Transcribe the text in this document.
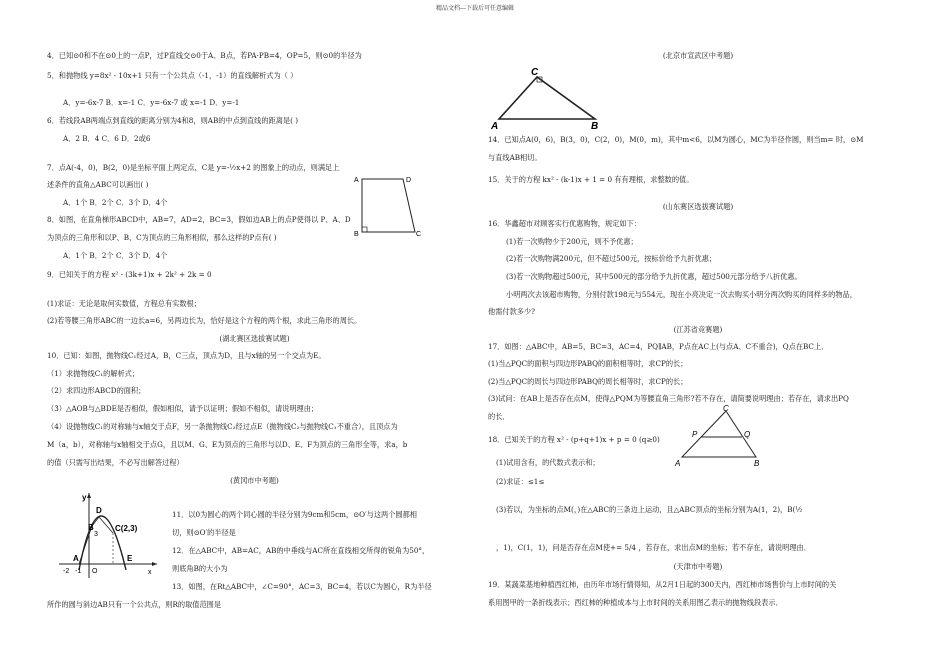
精品文档---下载后可任意编辑
4．已知⊙0和不在⊙0上的一点P，过P直线交⊙0于A、B点，若PA·PB=4，OP=5，则⊙0的半径为
5．和抛物线 y=8x² - 10x+1 只有一个公共点（-1，-1）的直线解析式为（ ）
A．y=-6x-7 B．x=-1 C．y=-6x-7 或 x=-1 D．y=-1
6．若线段AB两端点到直线的距离分别为4和8，则AB的中点到直线的距离是( )
A．2 B．4 C．6 D．2或6
7．点A(-4，0)，B(2，0)是坐标平面上两定点，C是 y=-½x+2 的图象上的动点，则满足上
述条件的直角△ABC可以画出( )
A．1个 B．2个 C．3个 D．4个
8．如图，在直角梯形ABCD中，AB=7，AD=2，BC=3，假如边AB上的点P使得以 P、A、D
为顶点的三角形和以P、B、C为顶点的三角形相似，那么这样的P点有( )
A．1个 B．2个 C．3个 D．4个
9．已知关于的方程 x² - (3k+1)x + 2k² + 2k = 0
(1)求证：无论是取何实数值，方程总有实数根；
(2)若等腰三角形ABC的一边长a=6，另两边长为，恰好是这个方程的两个根，求此三角形的周长。
(湖北赛区选拔赛试题)
10．已知：如图，抛物线C₁经过A，B，C三点，顶点为D，且与x轴的另一个交点为E。
（1）求抛物线C₁的解析式；
（2）求四边形ABCD的面积；
（3）△AOB与△BDE是否相似，假如相似，请予以证明；假如不相似，请说明理由；
（4）设抛物线C₁的对称轴与x轴交于点F，另一条抛物线C₂经过点E（抛物线C₂与抛物线C₁不重合），且顶点为
M（a，b），对称轴与x轴相交于点G，且以M、G、E为顶点的三角形与以D、E、F为顶点的三角形全等，求a，b
的值（只需写出结果，不必写出解答过程）
(黄冈市中考题)
11．以0为圆心的两个同心圆的半径分别为9cm和5cm，⊙O′与这两个圆都相
切，则⊙O′的半径是
12．在△ABC中，AB=AC，AB的中垂线与AC所在直线相交所得的锐角为50°，
则底角B的大小为
13．如图，在Rt△ABC中，∠C=90°，AC=3，BC=4，若以C为圆心，R为半径
所作的圆与斜边AB只有一个公共点，则R的取值范围是
A	D
B	C
y
D
C(2,3)
B
3
A	E
-2 -1 O	x
(北京市宣武区中考题)
14．已知点A(0，6)，B(3，0)，C(2，0)，M(0，m)，其中m<6，以M为圆心，MC为半径作圆，则当m= 时，⊙M
与直线AB相切。
15．关于的方程 kx² - (k-1)x + 1 = 0 有有理根，求整数的值。
(山东赛区选拔赛试题)
16．华鑫超市对顾客实行优惠购物，规定如下：
(1)若一次购物少于200元，则不予优惠；
(2)若一次购物满200元，但不超过500元，按标价给予九折优惠；
(3)若一次购物超过500元，其中500元的部分给予九折优惠，超过500元部分给予八折优惠。
小明两次去该超市购物，分别付款198元与554元，现在小亮决定一次去购买小明分两次购买的同样多的物品，
他需付款多少?
(江苏省竞赛题)
17．如图：△ABC中，AB=5，BC=3，AC=4，PQ∥AB，P点在AC上(与点A、C不重合)，Q点在BC上．
(1)当△PQC的面积与四边形PABQ的面积相等时，求CP的长；
(2)当△PQC的周长与四边形PABQ的周长相等时，求CP的长；
(3)试问：在AB上是否存在点M，使得△PQM为等腰直角三角形?若不存在，请简要说明理由；若存在，请求出PQ
的长．
18．已知关于的方程 x² - (p+q+1)x + p = 0 (q≥0)
(1)试用含有，的代数式表示和；
(2)求证：≤1≤
(3)若以，为坐标的点M(，)在△ABC的三条边上运动，且△ABC顶点的坐标分别为A(1，2)，B(½
，1)，C(1，1)，问是否存在点M使+= 5/4 ，若存在，求出点M的坐标；若不存在，请说明理由．
(天津市中考题)
19．某蔬菜基地种植西红柿，由历年市场行情得知，从2月1日起的300天内，西红柿市场售价与上市时间的关
系用图甲的一条折线表示；西红柿的种植成本与上市时间的关系用图乙表示的抛物线段表示．
C
A	B
C
P	Q
A	B
